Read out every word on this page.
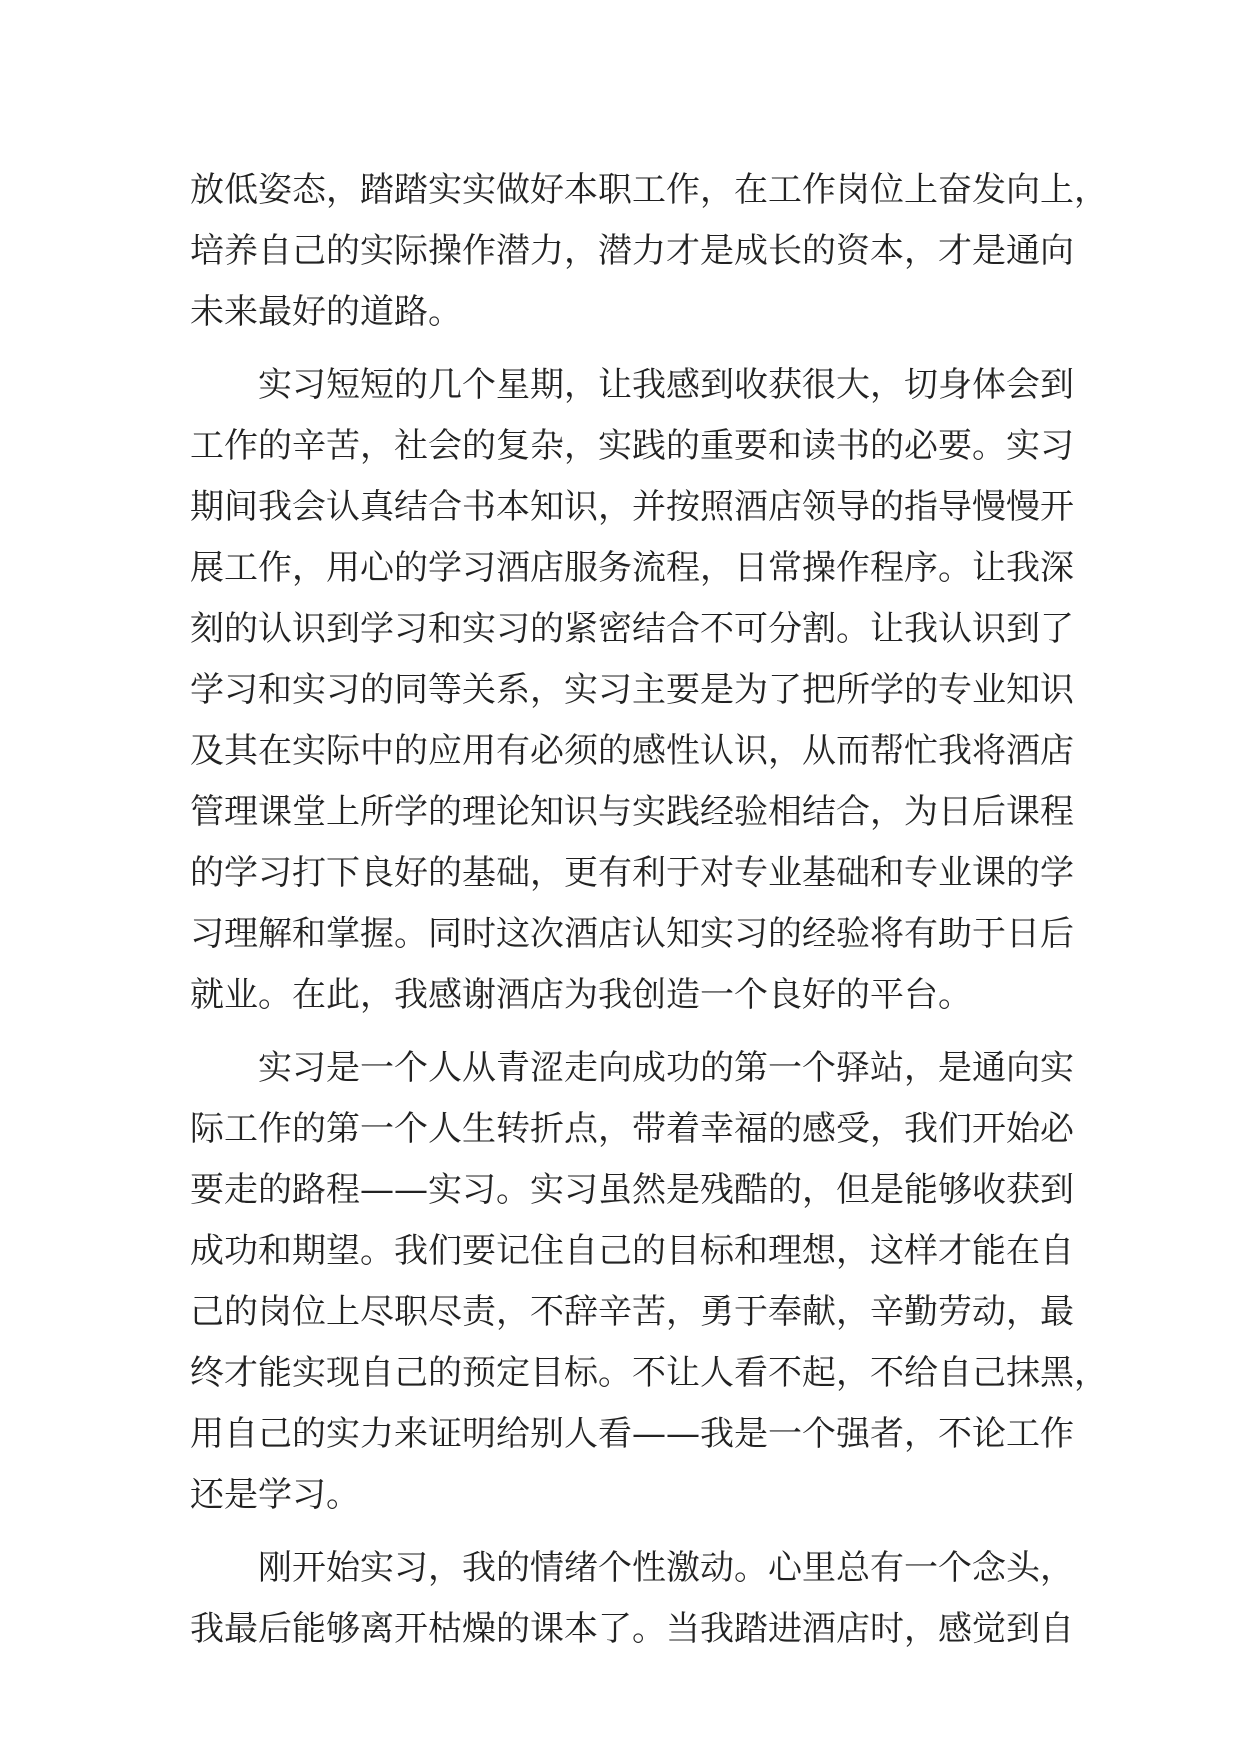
放低姿态，踏踏实实做好本职工作，在工作岗位上奋发向上，
培养自己的实际操作潜力，潜力才是成长的资本，才是通向
未来最好的道路。
实习短短的几个星期，让我感到收获很大，切身体会到
工作的辛苦，社会的复杂，实践的重要和读书的必要。实习
期间我会认真结合书本知识，并按照酒店领导的指导慢慢开
展工作，用心的学习酒店服务流程，日常操作程序。让我深
刻的认识到学习和实习的紧密结合不可分割。让我认识到了
学习和实习的同等关系，实习主要是为了把所学的专业知识
及其在实际中的应用有必须的感性认识，从而帮忙我将酒店
管理课堂上所学的理论知识与实践经验相结合，为日后课程
的学习打下良好的基础，更有利于对专业基础和专业课的学
习理解和掌握。同时这次酒店认知实习的经验将有助于日后
就业。在此，我感谢酒店为我创造一个良好的平台。
实习是一个人从青涩走向成功的第一个驿站，是通向实
际工作的第一个人生转折点，带着幸福的感受，我们开始必
要走的路程——实习。实习虽然是残酷的，但是能够收获到
成功和期望。我们要记住自己的目标和理想，这样才能在自
己的岗位上尽职尽责，不辞辛苦，勇于奉献，辛勤劳动，最
终才能实现自己的预定目标。不让人看不起，不给自己抹黑，
用自己的实力来证明给别人看——我是一个强者，不论工作
还是学习。
刚开始实习，我的情绪个性激动。心里总有一个念头，
我最后能够离开枯燥的课本了。当我踏进酒店时，感觉到自
